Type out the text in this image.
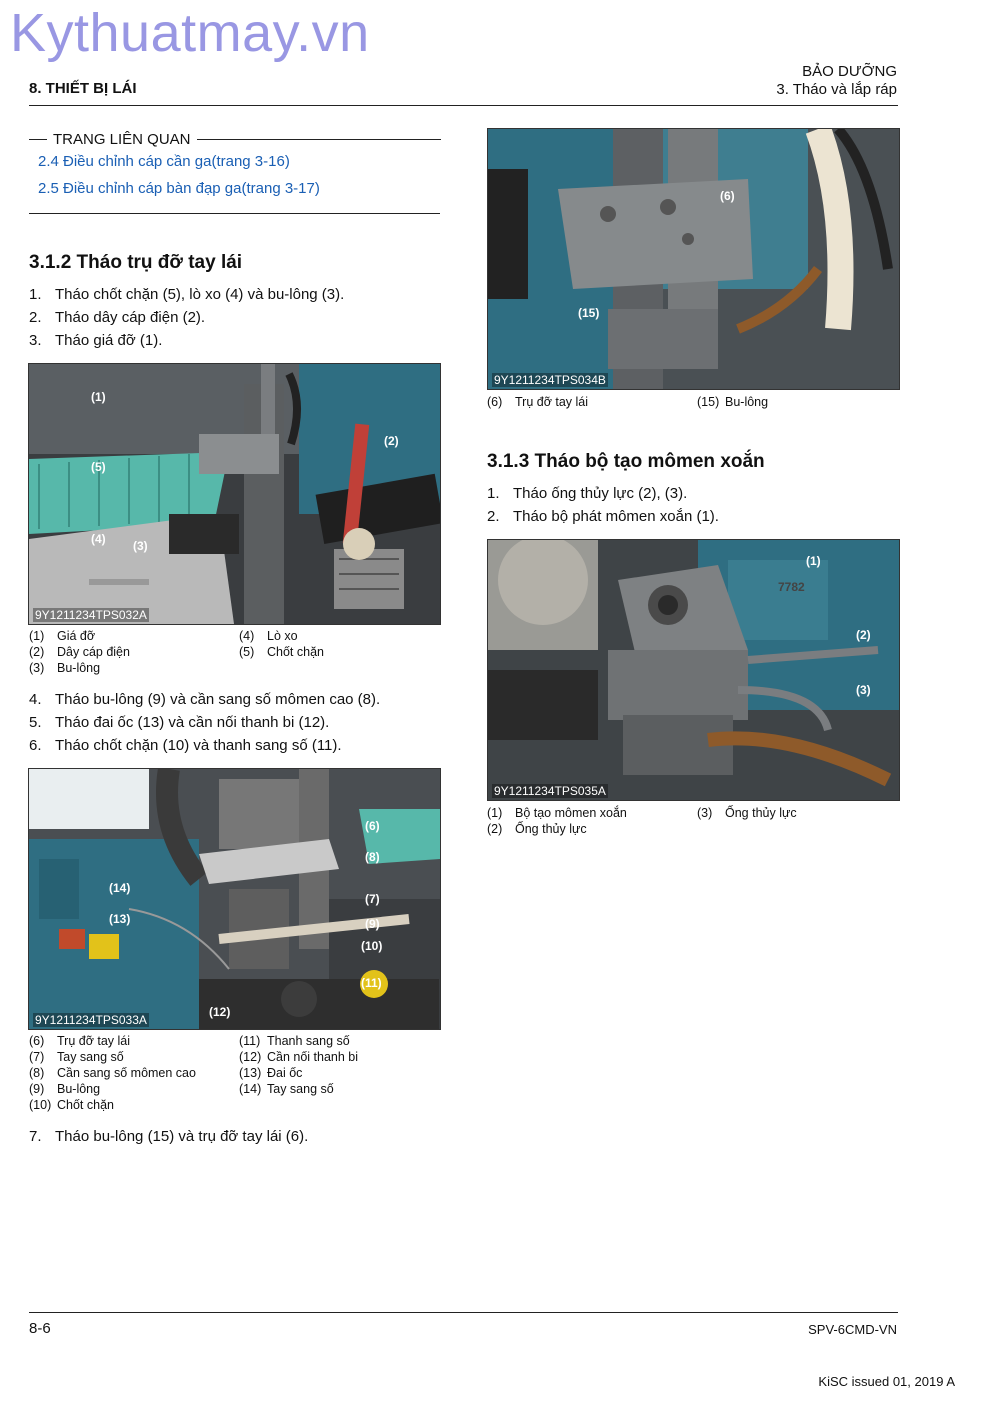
Kythuatmay.vn
8. THIẾT BỊ LÁI
BẢO DƯỠNG
3. Tháo và lắp ráp
TRANG LIÊN QUAN
2.4 Điều chỉnh cáp cần ga(trang 3-16)
2.5 Điều chỉnh cáp bàn đạp ga(trang 3-17)
3.1.2 Tháo trụ đỡ tay lái
1. Tháo chốt chặn (5), lò xo (4) và bu-lông (3).
2. Tháo dây cáp điện (2).
3. Tháo giá đỡ (1).
9Y1211234TPS032A
(1)
(2)
(3)
(4)
(5)
(1) Giá đỡ
(2) Dây cáp điện
(3) Bu-lông
(4) Lò xo
(5) Chốt chặn
4. Tháo bu-lông (9) và cần sang số mômen cao (8).
5. Tháo đai ốc (13) và cần nối thanh bi (12).
6. Tháo chốt chặn (10) và thanh sang số (11).
9Y1211234TPS033A
(6)
(8)
(7)
(9)
(10)
(11)
(12)
(13)
(14)
(6) Trụ đỡ tay lái
(7) Tay sang số
(8) Cần sang số mômen cao
(9) Bu-lông
(10) Chốt chặn
(11) Thanh sang số
(12) Cần nối thanh bi
(13) Đai ốc
(14) Tay sang số
7. Tháo bu-lông (15) và trụ đỡ tay lái (6).
9Y1211234TPS034B
(6)
(15)
(6) Trụ đỡ tay lái	(15) Bu-lông
3.1.3 Tháo bộ tạo mômen xoắn
1. Tháo ống thủy lực (2), (3).
2. Tháo bộ phát mômen xoắn (1).
7782
9Y1211234TPS035A
(1)
(2)
(3)
(1) Bộ tạo mômen xoắn
(2) Ống thủy lực
(3) Ống thủy lực
8-6	SPV-6CMD-VN
KiSC issued 01, 2019 A
